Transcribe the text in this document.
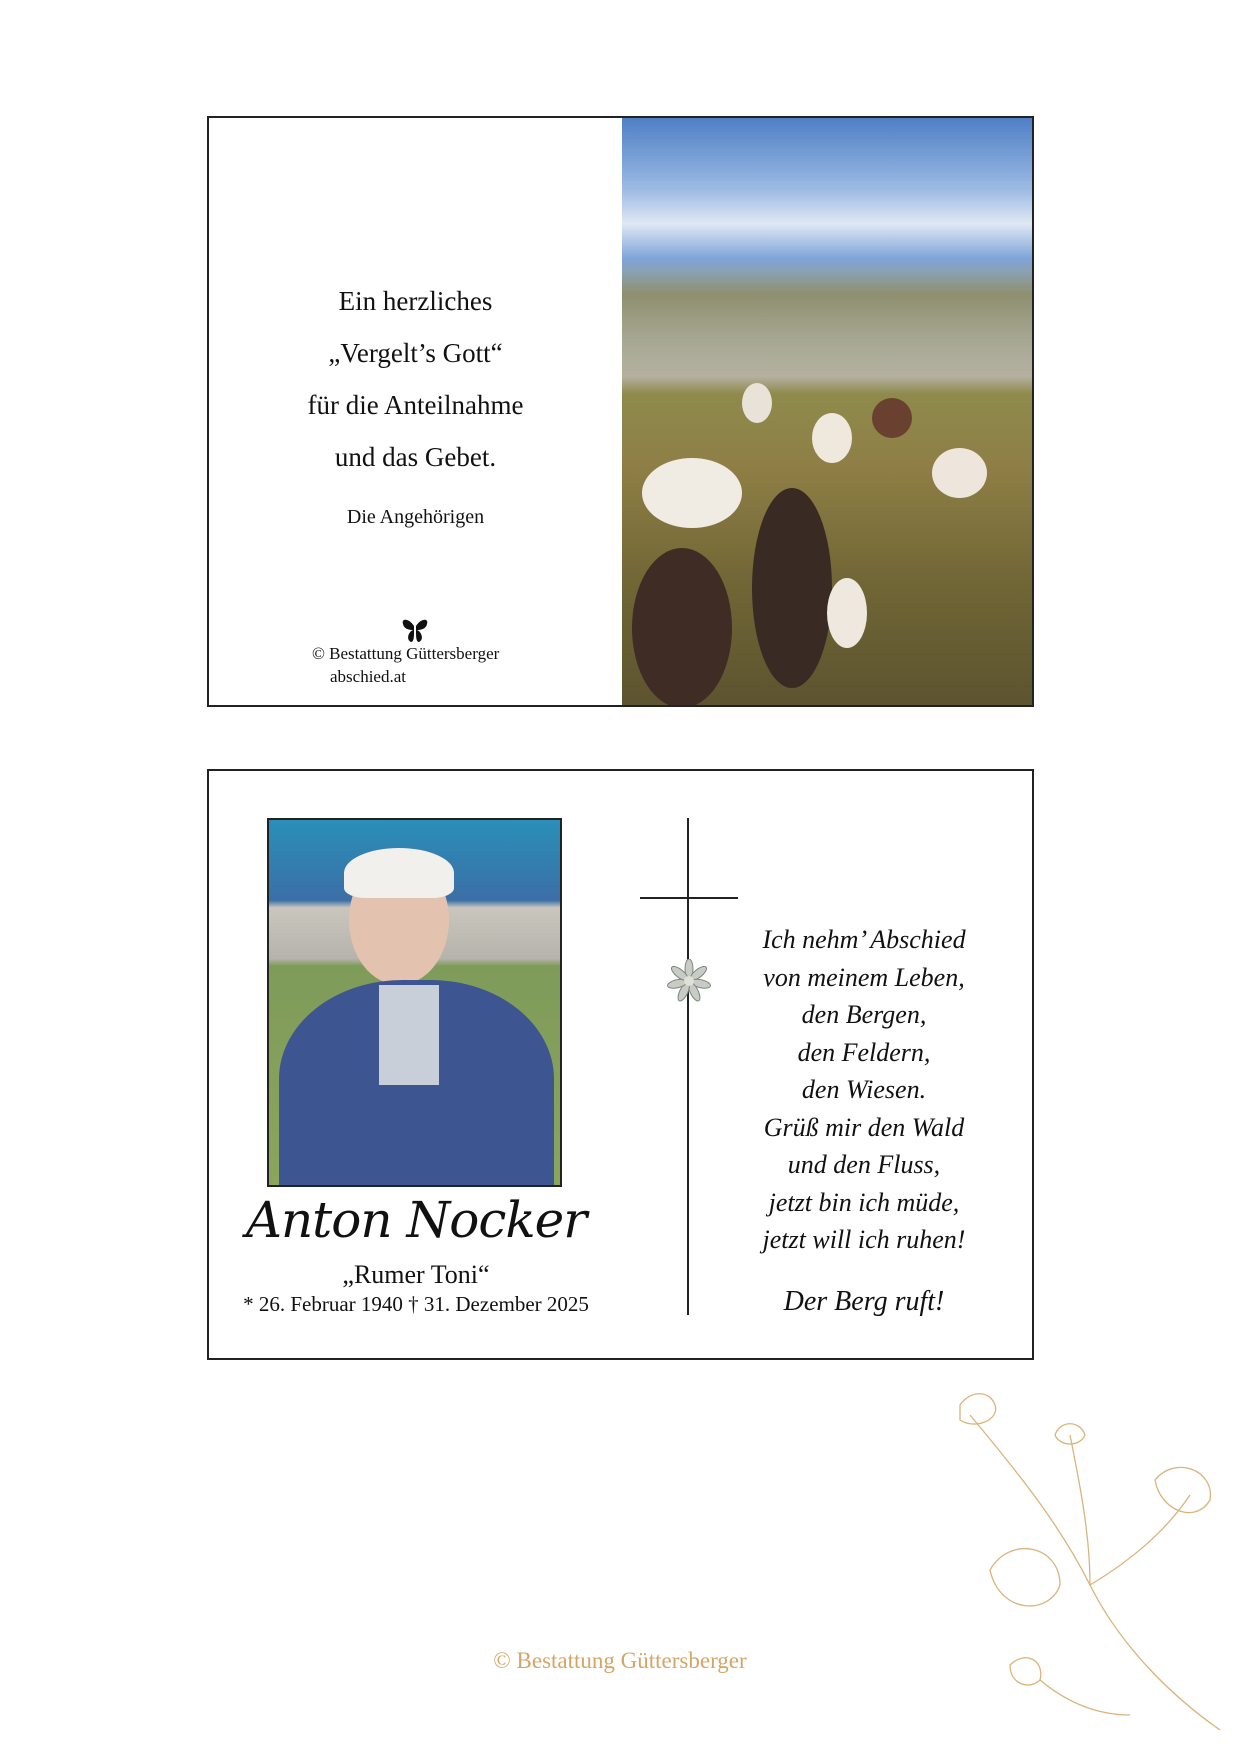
Ein herzliches
„Vergelt’s Gott“
für die Anteilnahme
und das Gebet.
Die Angehörigen
© Bestattung Güttersberger
abschied.at
Anton Nocker
„Rumer Toni“
* 26. Februar 1940 † 31. Dezember 2025
Ich nehm’ Abschied
von meinem Leben,
den Bergen,
den Feldern,
den Wiesen.
Grüß mir den Wald
und den Fluss,
jetzt bin ich müde,
jetzt will ich ruhen!
Der Berg ruft!
© Bestattung Güttersberger
